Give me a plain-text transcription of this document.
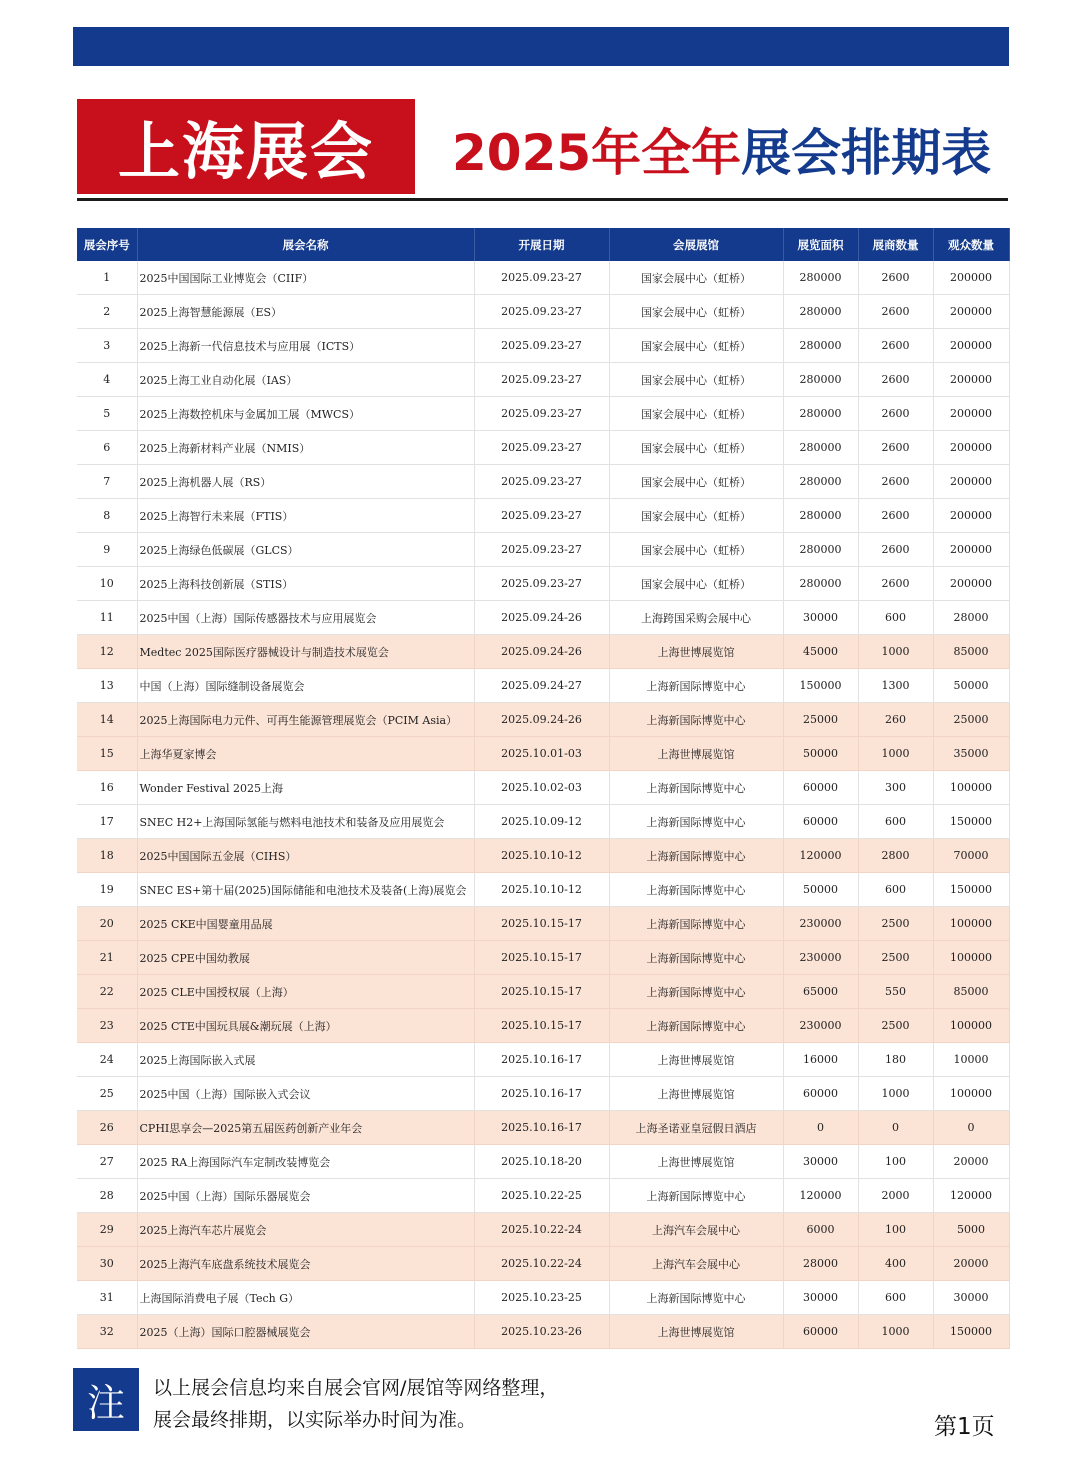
上海展会 2025年全年 展会排期表
展会序号	展会名称	开展日期	会展展馆	展览面积	展商数量	观众数量
1	2025中国国际工业博览会（CIIF）	2025.09.23-27	国家会展中心（虹桥）	280000	2600	200000
2	2025上海智慧能源展（ES）	2025.09.23-27	国家会展中心（虹桥）	280000	2600	200000
3	2025上海新一代信息技术与应用展（ICTS）	2025.09.23-27	国家会展中心（虹桥）	280000	2600	200000
4	2025上海工业自动化展（IAS）	2025.09.23-27	国家会展中心（虹桥）	280000	2600	200000
5	2025上海数控机床与金属加工展（MWCS）	2025.09.23-27	国家会展中心（虹桥）	280000	2600	200000
6	2025上海新材料产业展（NMIS）	2025.09.23-27	国家会展中心（虹桥）	280000	2600	200000
7	2025上海机器人展（RS）	2025.09.23-27	国家会展中心（虹桥）	280000	2600	200000
8	2025上海智行未来展（FTIS）	2025.09.23-27	国家会展中心（虹桥）	280000	2600	200000
9	2025上海绿色低碳展（GLCS）	2025.09.23-27	国家会展中心（虹桥）	280000	2600	200000
10	2025上海科技创新展（STIS）	2025.09.23-27	国家会展中心（虹桥）	280000	2600	200000
11	2025中国（上海）国际传感器技术与应用展览会	2025.09.24-26	上海跨国采购会展中心	30000	600	28000
12	Medtec 2025国际医疗器械设计与制造技术展览会	2025.09.24-26	上海世博展览馆	45000	1000	85000
13	中国（上海）国际缝制设备展览会	2025.09.24-27	上海新国际博览中心	150000	1300	50000
14	2025上海国际电力元件、可再生能源管理展览会（PCIM Asia）	2025.09.24-26	上海新国际博览中心	25000	260	25000
15	上海华夏家博会	2025.10.01-03	上海世博展览馆	50000	1000	35000
16	Wonder Festival 2025上海	2025.10.02-03	上海新国际博览中心	60000	300	100000
17	SNEC H2+上海国际氢能与燃料电池技术和装备及应用展览会	2025.10.09-12	上海新国际博览中心	60000	600	150000
18	2025中国国际五金展（CIHS）	2025.10.10-12	上海新国际博览中心	120000	2800	70000
19	SNEC ES+第十届(2025)国际储能和电池技术及装备(上海)展览会	2025.10.10-12	上海新国际博览中心	50000	600	150000
20	2025 CKE中国婴童用品展	2025.10.15-17	上海新国际博览中心	230000	2500	100000
21	2025 CPE中国幼教展	2025.10.15-17	上海新国际博览中心	230000	2500	100000
22	2025 CLE中国授权展（上海）	2025.10.15-17	上海新国际博览中心	65000	550	85000
23	2025 CTE中国玩具展&潮玩展（上海）	2025.10.15-17	上海新国际博览中心	230000	2500	100000
24	2025上海国际嵌入式展	2025.10.16-17	上海世博展览馆	16000	180	10000
25	2025中国（上海）国际嵌入式会议	2025.10.16-17	上海世博展览馆	60000	1000	100000
26	CPHI思享会—2025第五届医药创新产业年会	2025.10.16-17	上海圣诺亚皇冠假日酒店	0	0	0
27	2025 RA上海国际汽车定制改装博览会	2025.10.18-20	上海世博展览馆	30000	100	20000
28	2025中国（上海）国际乐器展览会	2025.10.22-25	上海新国际博览中心	120000	2000	120000
29	2025上海汽车芯片展览会	2025.10.22-24	上海汽车会展中心	6000	100	5000
30	2025上海汽车底盘系统技术展览会	2025.10.22-24	上海汽车会展中心	28000	400	20000
31	上海国际消费电子展（Tech G）	2025.10.23-25	上海新国际博览中心	30000	600	30000
32	2025（上海）国际口腔器械展览会	2025.10.23-26	上海世博展览馆	60000	1000	150000
注 以上展会信息均来自展会官网/展馆等网络整理，
展会最终排期，以实际举办时间为准。	第1页
